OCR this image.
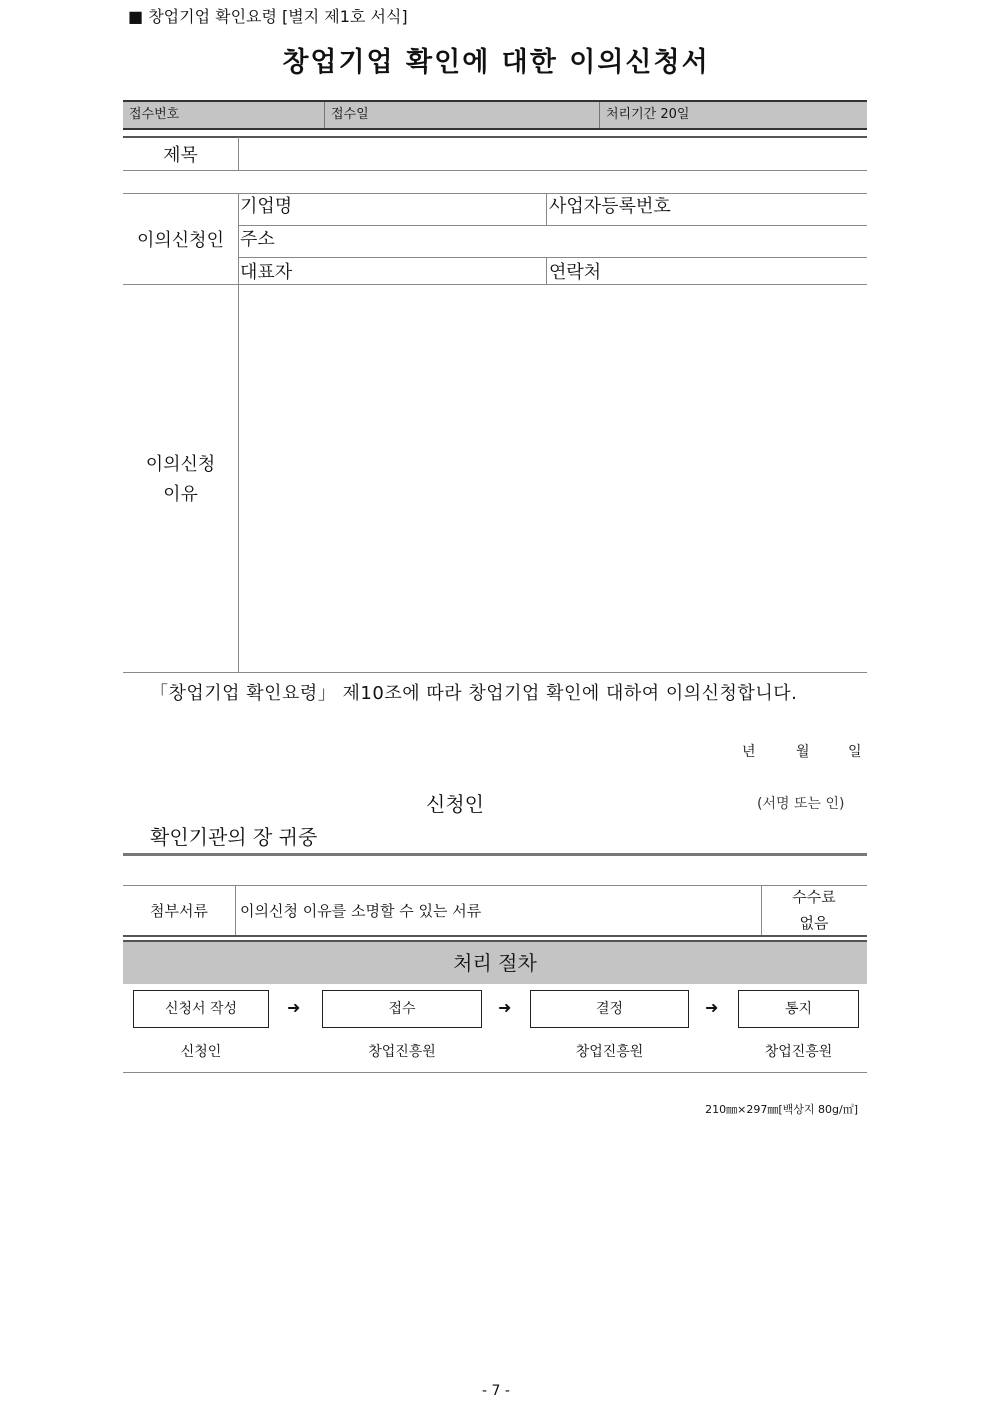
■ 창업기업 확인요령 [별지 제1호 서식]
창업기업 확인에 대한 이의신청서
접수번호	접수일	처리기간 20일
제목
이의신청인
기업명	사업자등록번호
주소
대표자	연락처
이의신청
이유
「창업기업 확인요령」 제10조에 따라 창업기업 확인에 대하여 이의신청합니다.
년	월	일
신청인	(서명 또는 인)
확인기관의 장 귀중
첨부서류	이의신청 이유를 소명할 수 있는 서류
수수료
없음
처리 절차
신청서 작성	➜	접수	➜	결정	➜	통지
신청인	창업진흥원	창업진흥원	창업진흥원
210㎜×297㎜[백상지 80g/㎡]
- 7 -
